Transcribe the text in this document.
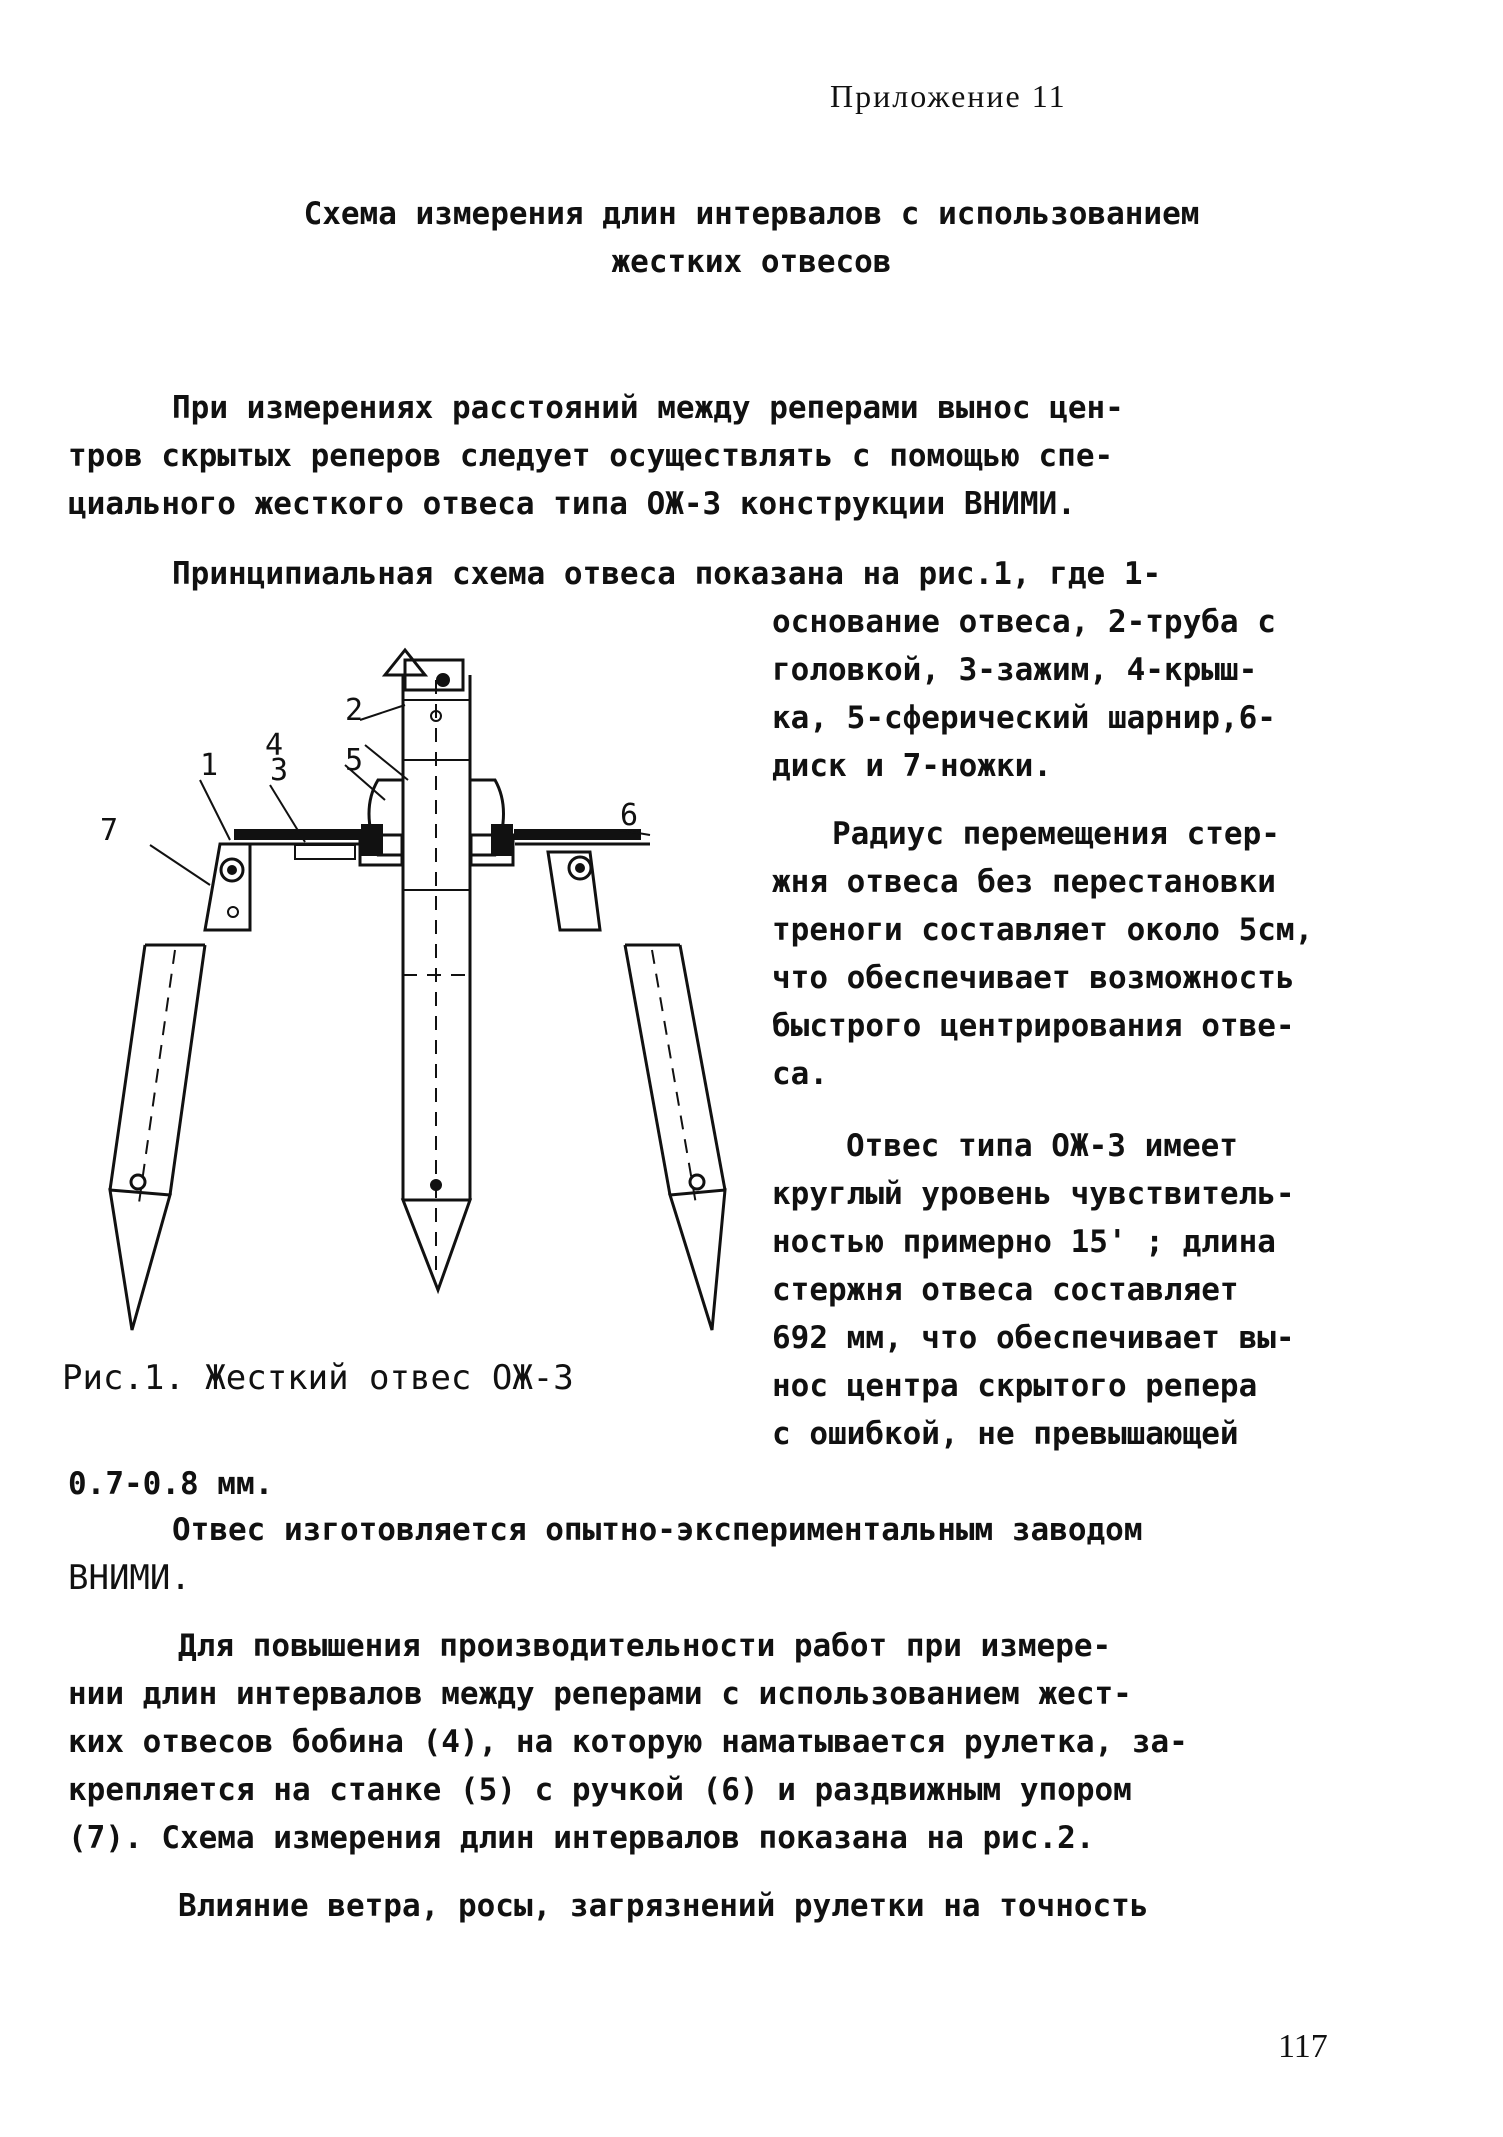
Приложение 11
Схема измерения длин интервалов с использованием
жестких отвесов
При измерениях расстояний между реперами вынос цен-
тров скрытых реперов следует осуществлять с помощью спе-
циального жесткого отвеса типа ОЖ-3 конструкции ВНИМИ.
Принципиальная схема отвеса показана на рис.1, где 1-
основание отвеса, 2-труба с
головкой, 3-зажим, 4-крыш-
ка, 5-сферический шарнир,6-
диск и 7-ножки.
Радиус перемещения стер-
жня отвеса без перестановки
треноги составляет около 5см,
что обеспечивает возможность
быстрого центрирования отве-
са.
Отвес типа ОЖ-3 имеет
круглый уровень чувствитель-
ностью примерно 15' ; длина
стержня отвеса составляет
692 мм, что обеспечивает вы-
нос центра скрытого репера
с ошибкой, не превышающей
0.7-0.8 мм.
Рис.1. Жесткий отвес ОЖ-3
Отвес изготовляется опытно-экспериментальным заводом
ВНИМИ.
Для повышения производительности работ при измере-
нии длин интервалов между реперами с использованием жест-
ких отвесов бобина (4), на которую наматывается рулетка, за-
крепляется на станке (5) с ручкой (6) и раздвижным упором
(7). Схема измерения длин интервалов показана на рис.2.
Влияние ветра, росы, загрязнений рулетки на точность
117
1
2
3
4 5
6
7
